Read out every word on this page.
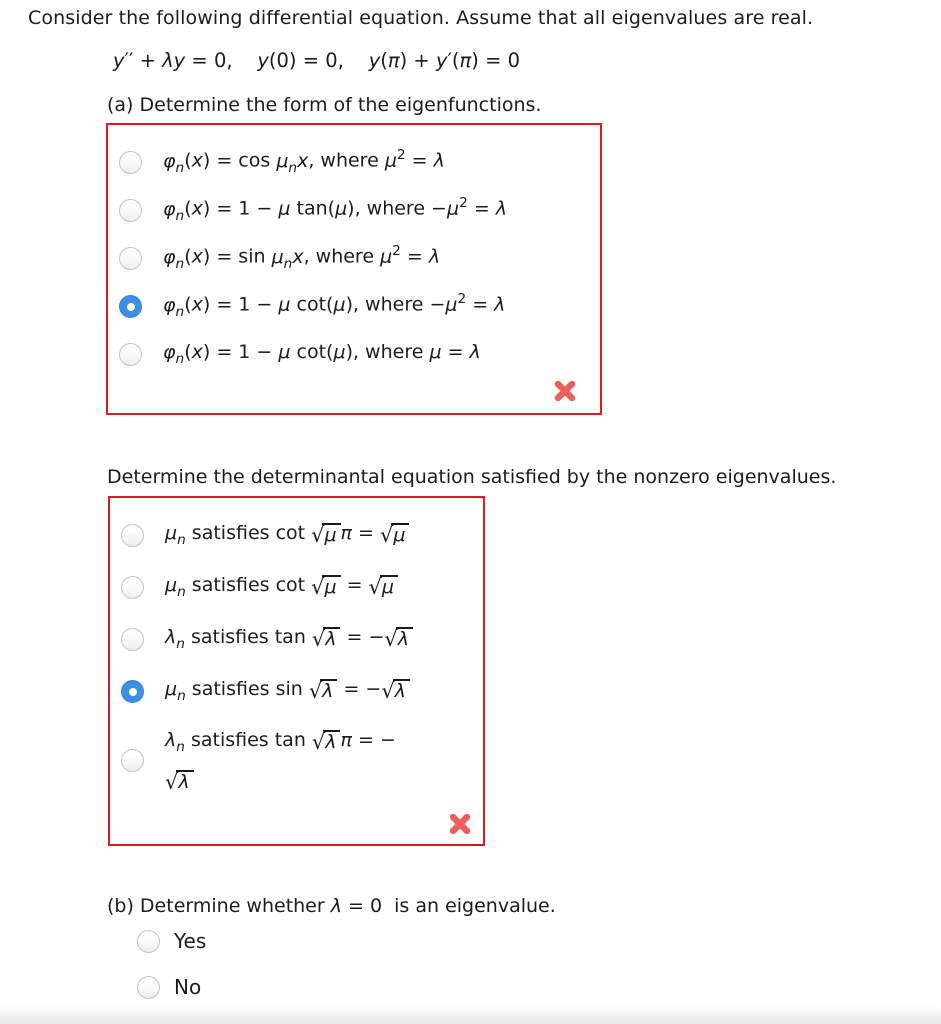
Consider the following differential equation. Assume that all eigenvalues are real.
y′′ + λy = 0,    y(0) = 0,    y(π) + y′(π) = 0
(a) Determine the form of the eigenfunctions.
$\varphi_n(x) = \cos \mu_nx$, where $\mu^2 = \lambda$
$\varphi_n(x) = 1 - \mu$ tan(μ), where $-\mu^2 = \lambda$
$\varphi_n(x) = \sin \mu_nx$, where $\mu^2 = \lambda$
$\varphi_n(x) = 1 - \mu$ cot(μ), where $-\mu^2 = \lambda$
$\varphi_n(x) = 1 - \mu$ cot(μ), where μ = λ
Determine the determinantal equation satisfied by the nonzero eigenvalues.
$\mu_n$ satisfies cot √ μ π = √ μ
$\mu_n$ satisfies cot √ μ = √ μ
$\lambda_n$ satisfies tan √ λ = − √ λ
$\mu_n$ satisfies sin √ λ = − √ λ
$\lambda_n$ satisfies tan √ λ π = −

√ λ
(b) Determine whether λ = 0  is an eigenvalue.
Yes
No
